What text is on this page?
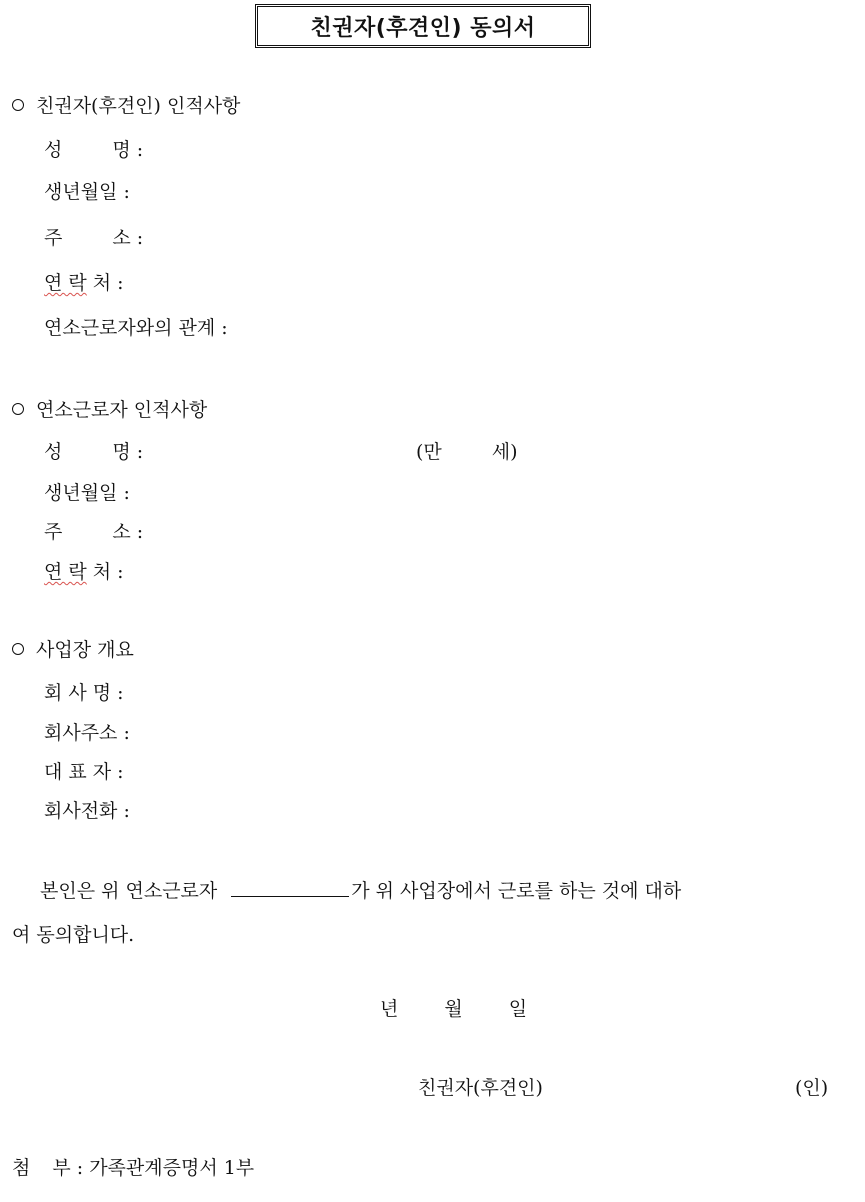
친권자(후견인) 동의서
친권자(후견인) 인적사항
성	명 :
생년월일 :
주	소 :
연 락 처 :
연소근로자와의 관계 :
연소근로자 인적사항
성	명 :	(만	세)
생년월일 :
주	소 :
연 락 처 :
사업장 개요
회 사 명 :
회사주소 :
대 표 자 :
회사전화 :
본인은 위 연소근로자	가 위 사업장에서 근로를 하는 것에 대하
여 동의합니다.
년 월 일
친권자(후견인)	(인)
첨 부 : 가족관계증명서 1부
